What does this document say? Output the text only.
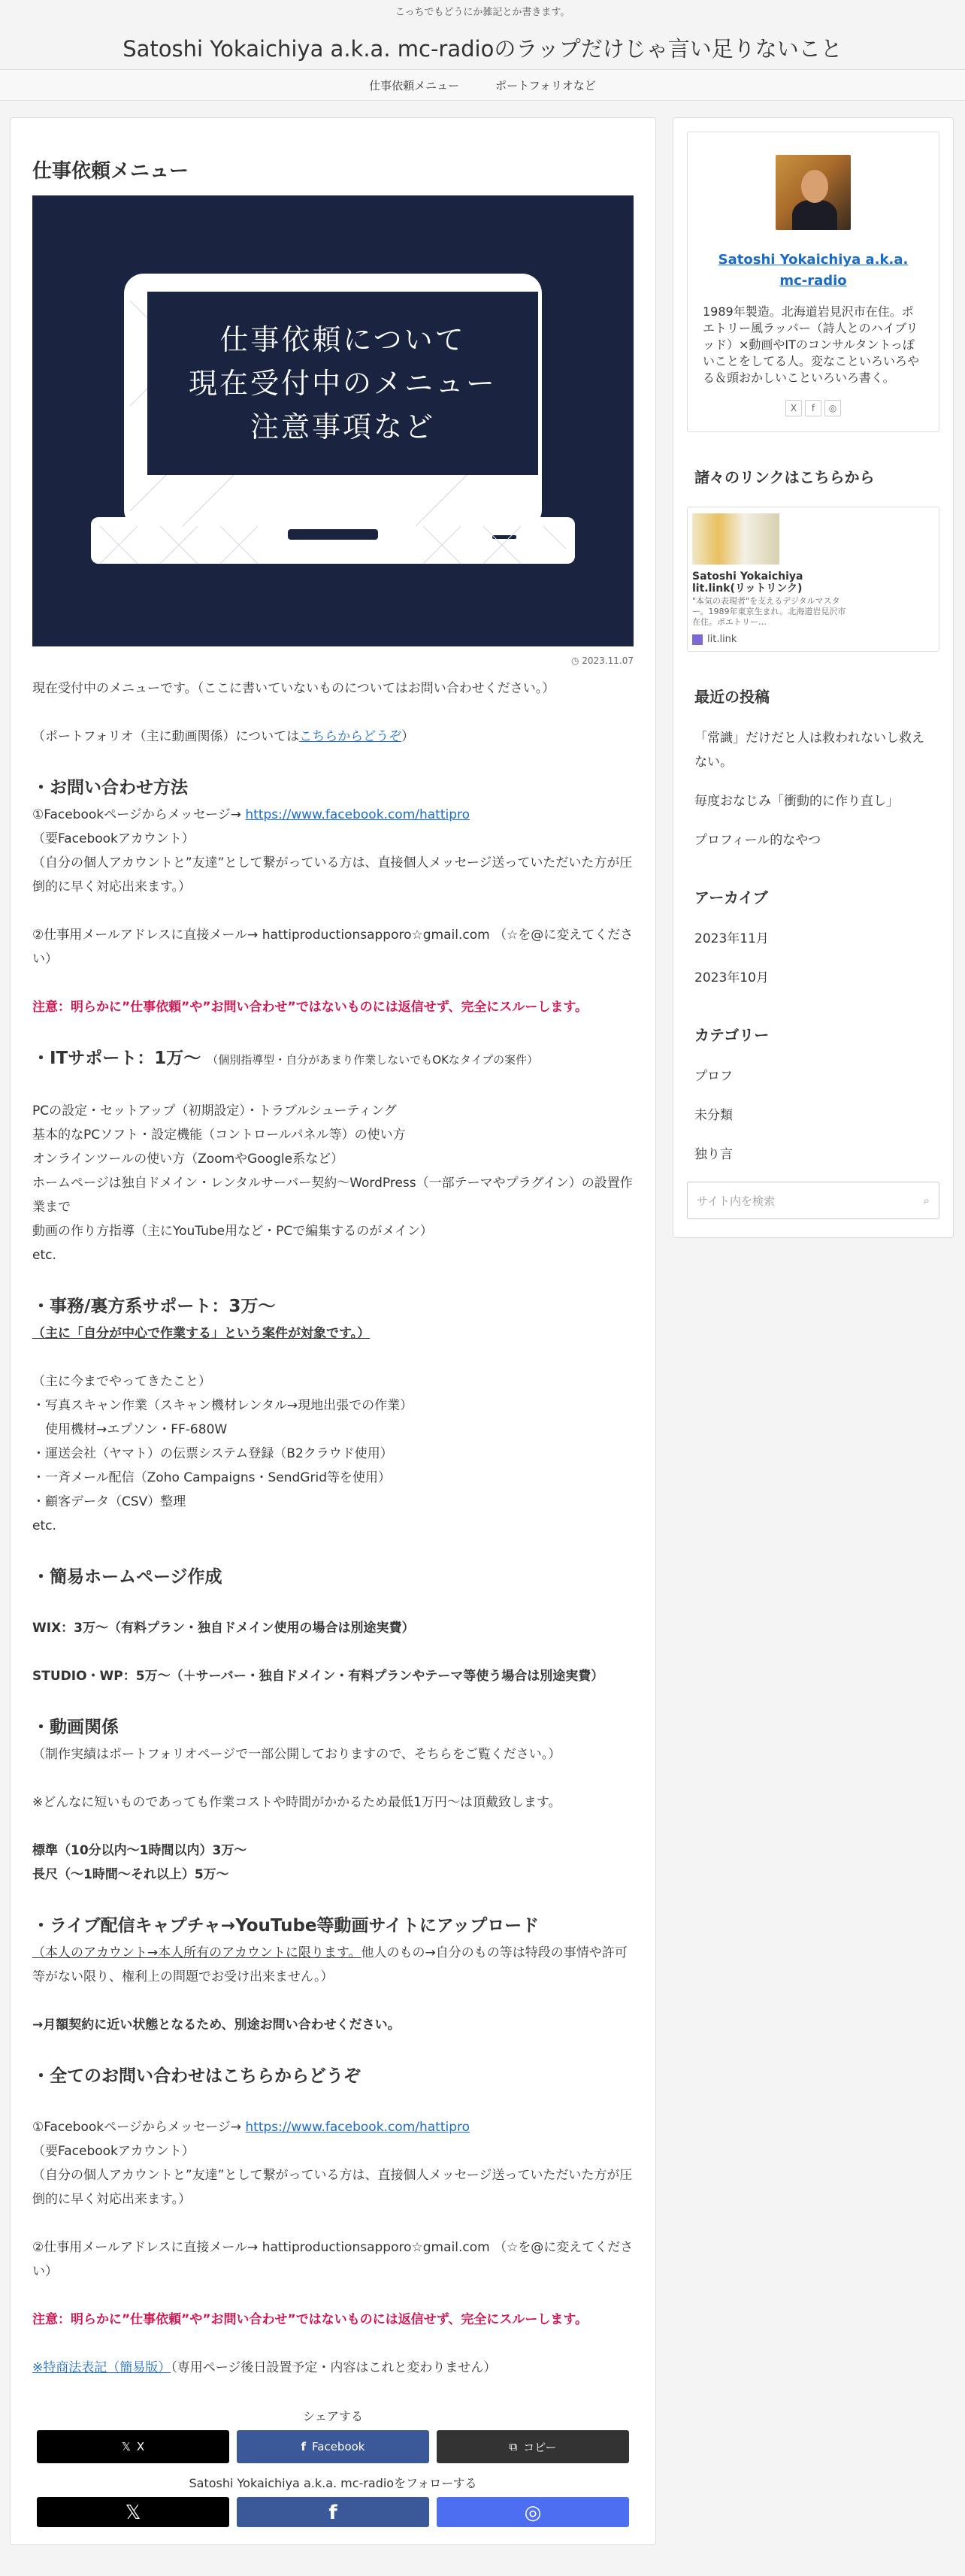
こっちでもどうにか雑記とか書きます。
Satoshi Yokaichiya a.k.a. mc-radioのラップだけじゃ言い足りないこと
仕事依頼メニュー	ポートフォリオなど
仕事依頼メニュー
仕事依頼について
現在受付中のメニュー
注意事項など
◷ 2023.11.07

現在受付中のメニューです。（ここに書いていないものについてはお問い合わせください。）

（ポートフォリオ（主に動画関係）についてはこちらからどうぞ）

・お問い合わせ方法

①Facebookページからメッセージ→ https://www.facebook.com/hattipro （要Facebookアカウント）

（自分の個人アカウントと”友達”として繋がっている方は、直接個人メッセージ送っていただいた方が圧倒的に早く対応出来ます。）

②仕事用メールアドレスに直接メール→ hattiproductionsapporo☆gmail.com （☆を@に変えてください）

注意：明らかに”仕事依頼”や”お問い合わせ”ではないものには返信せず、完全にスルーします。

・ITサポート：1万〜 （個別指導型・自分があまり作業しないでもOKなタイプの案件）

PCの設定・セットアップ（初期設定）・トラブルシューティング

基本的なPCソフト・設定機能（コントロールパネル等）の使い方

オンラインツールの使い方（ZoomやGoogle系など）

ホームページは独自ドメイン・レンタルサーバー契約〜WordPress（一部テーマやプラグイン）の設置作業まで

動画の作り方指導（主にYouTube用など・PCで編集するのがメイン）

etc.

・事務/裏方系サポート：3万〜

（主に「自分が中心で作業する」という案件が対象です。）

（主に今までやってきたこと）

・写真スキャン作業（スキャン機材レンタル→現地出張での作業）

　使用機材→エプソン・FF-680W

・運送会社（ヤマト）の伝票システム登録（B2クラウド使用）

・一斉メール配信（Zoho Campaigns・SendGrid等を使用）

・顧客データ（CSV）整理

etc.

・簡易ホームページ作成

WIX：3万〜（有料プラン・独自ドメイン使用の場合は別途実費）

STUDIO・WP：5万〜（＋サーバー・独自ドメイン・有料プランやテーマ等使う場合は別途実費）

・動画関係

（制作実績はポートフォリオページで一部公開しておりますので、そちらをご覧ください。）

※どんなに短いものであっても作業コストや時間がかかるため最低1万円〜は頂戴致します。

標準（10分以内〜1時間以内）3万〜

長尺（〜1時間〜それ以上）5万〜

・ライブ配信キャプチャ→YouTube等動画サイトにアップロード

（本人のアカウント→本人所有のアカウントに限ります。他人のもの→自分のもの等は特段の事情や許可等がない限り、権利上の問題でお受け出来ません。）

→月額契約に近い状態となるため、別途お問い合わせください。

・全てのお問い合わせはこちらからどうぞ

①Facebookページからメッセージ→ https://www.facebook.com/hattipro （要Facebookアカウント）

（自分の個人アカウントと”友達”として繋がっている方は、直接個人メッセージ送っていただいた方が圧倒的に早く対応出来ます。）

②仕事用メールアドレスに直接メール→ hattiproductionsapporo☆gmail.com （☆を@に変えてください）

注意：明らかに”仕事依頼”や”お問い合わせ”ではないものには返信せず、完全にスルーします。

※特商法表記（簡易版）（専用ページ後日設置予定・内容はこれと変わりません）

シェアする
𝕏 X	f Facebook	⧉ コピー
Satoshi Yokaichiya a.k.a. mc-radioをフォローする
𝕏	f	◎
Satoshi Yokaichiya a.k.a. mc-radio
1989年製造。北海道岩見沢市在住。ポエトリー風ラッパー（詩人とのハイブリッド）×動画やITのコンサルタントっぽいことをしてる人。変なこといろいろやる＆頭おかしいこといろいろ書く。
X	f	◎
諸々のリンクはこちらから
Satoshi Yokaichiya lit.link(リットリンク)
"本気の表現者"を支えるデジタルマスター。1989年東京生まれ。北海道岩見沢市在住。ポエトリー…
lit.link
最近の投稿
「常識」だけだと人は救われないし救えない。
毎度おなじみ「衝動的に作り直し」
プロフィール的なやつ
アーカイブ
2023年11月
2023年10月
カテゴリー
プロフ
未分類
独り言
サイト内を検索	⌕
